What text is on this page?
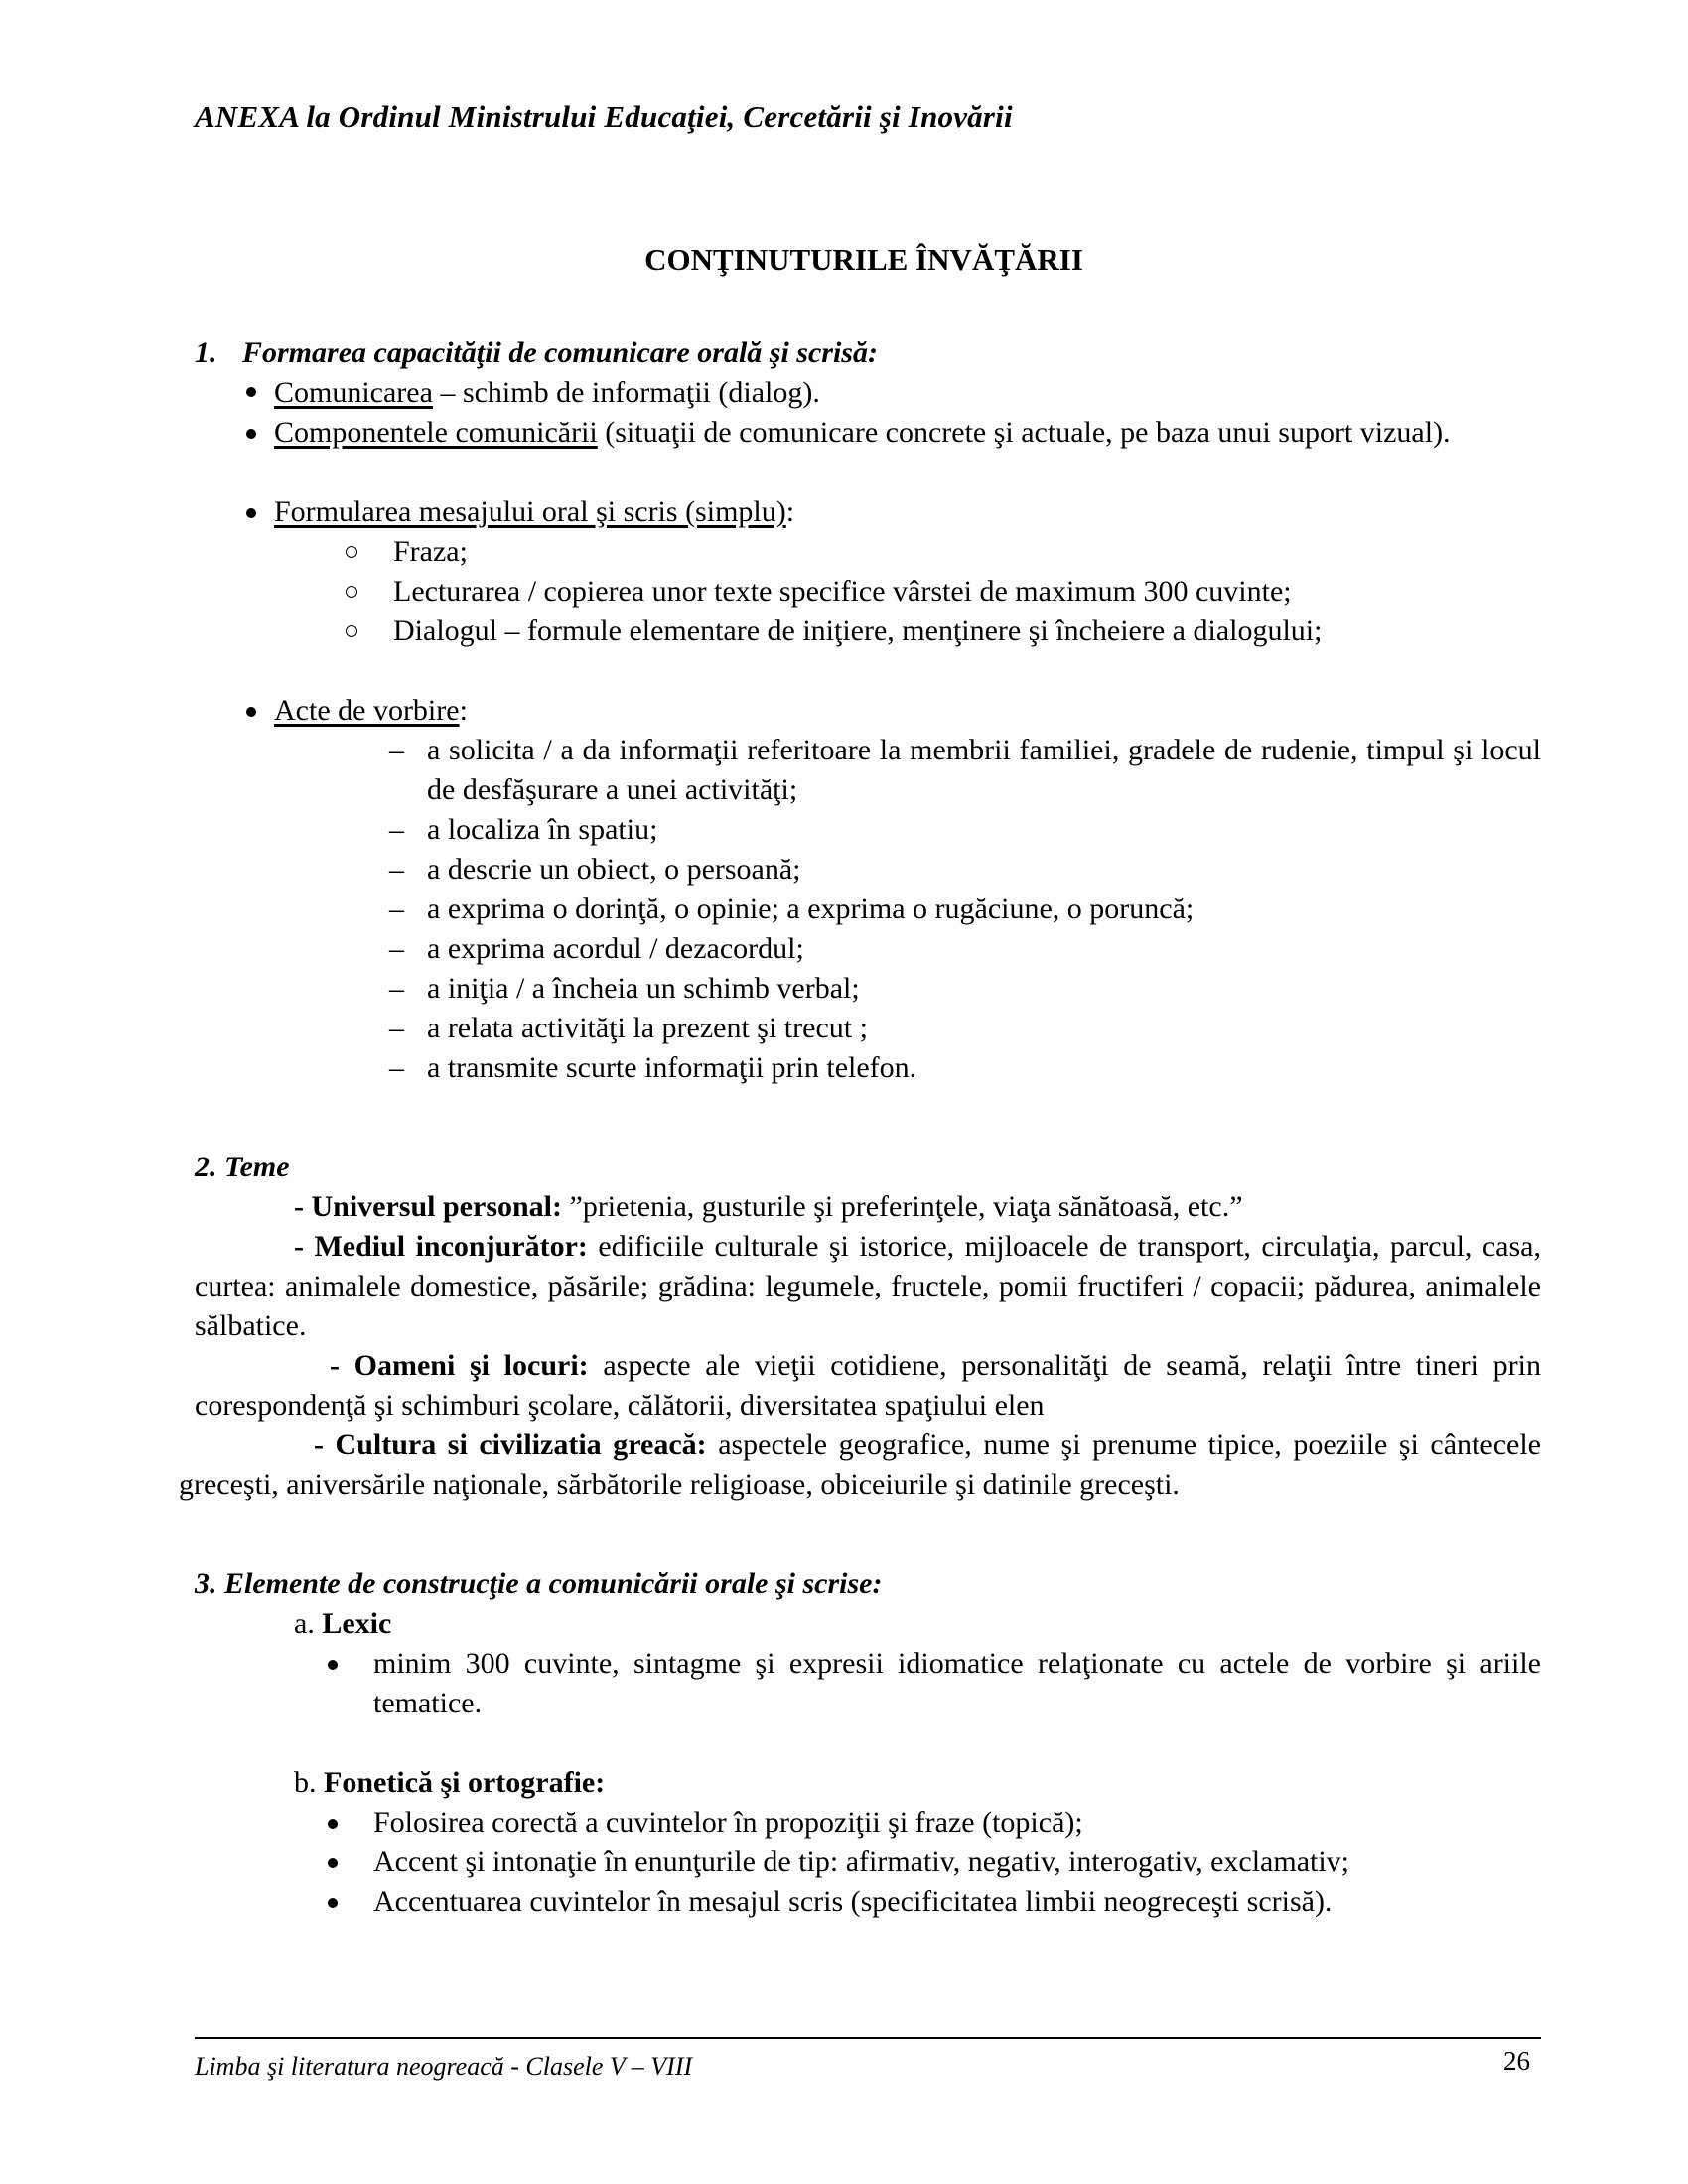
ANEXA la Ordinul Ministrului Educaţiei, Cercetării şi Inovării
CONŢINUTURILE ÎNVĂŢĂRII
1. Formarea capacităţii de comunicare orală şi scrisă:
Comunicarea – schimb de informaţii (dialog).
Componentele comunicării (situaţii de comunicare concrete şi actuale, pe baza unui suport vizual).
Formularea mesajului oral şi scris (simplu):
Fraza;
Lecturarea / copierea unor texte specifice vârstei de maximum 300 cuvinte;
Dialogul – formule elementare de iniţiere, menţinere şi încheiere a dialogului;
Acte de vorbire:
– a solicita / a da informaţii referitoare la membrii familiei, gradele de rudenie, timpul şi locul de desfăşurare a unei activităţi;
– a localiza în spatiu;
– a descrie un obiect, o persoană;
– a exprima o dorinţă, o opinie; a exprima o rugăciune, o poruncă;
– a exprima acordul / dezacordul;
– a iniţia / a încheia un schimb verbal;
– a relata activităţi la prezent şi trecut ;
– a transmite scurte informaţii prin telefon.
2. Teme
- Universul personal: ”prietenia, gusturile şi preferinţele, viaţa sănătoasă, etc.”
- Mediul inconjurător: edificiile culturale şi istorice, mijloacele de transport, circulaţia, parcul, casa, curtea: animalele domestice, păsările; grădina: legumele, fructele, pomii fructiferi / copacii; pădurea, animalele sălbatice.
- Oameni şi locuri: aspecte ale vieţii cotidiene, personalităţi de seamă, relaţii între tineri prin corespondenţă şi schimburi şcolare, călătorii, diversitatea spaţiului elen
- Cultura si civilizatia greacă: aspectele geografice, nume şi prenume tipice, poeziile şi cântecele greceşti, aniversările naţionale, sărbătorile religioase, obiceiurile şi datinile greceşti.
3. Elemente de construcţie a comunicării orale şi scrise:
a. Lexic
minim 300 cuvinte, sintagme şi expresii idiomatice relaţionate cu actele de vorbire şi ariile tematice.
b. Fonetică şi ortografie:
Folosirea corectă a cuvintelor în propoziţii şi fraze (topică);
Accent şi intonaţie în enunţurile de tip: afirmativ, negativ, interogativ, exclamativ;
Accentuarea cuvintelor în mesajul scris (specificitatea limbii neogreceşti scrisă).
Limba şi literatura neogreacă - Clasele V – VIII	26
